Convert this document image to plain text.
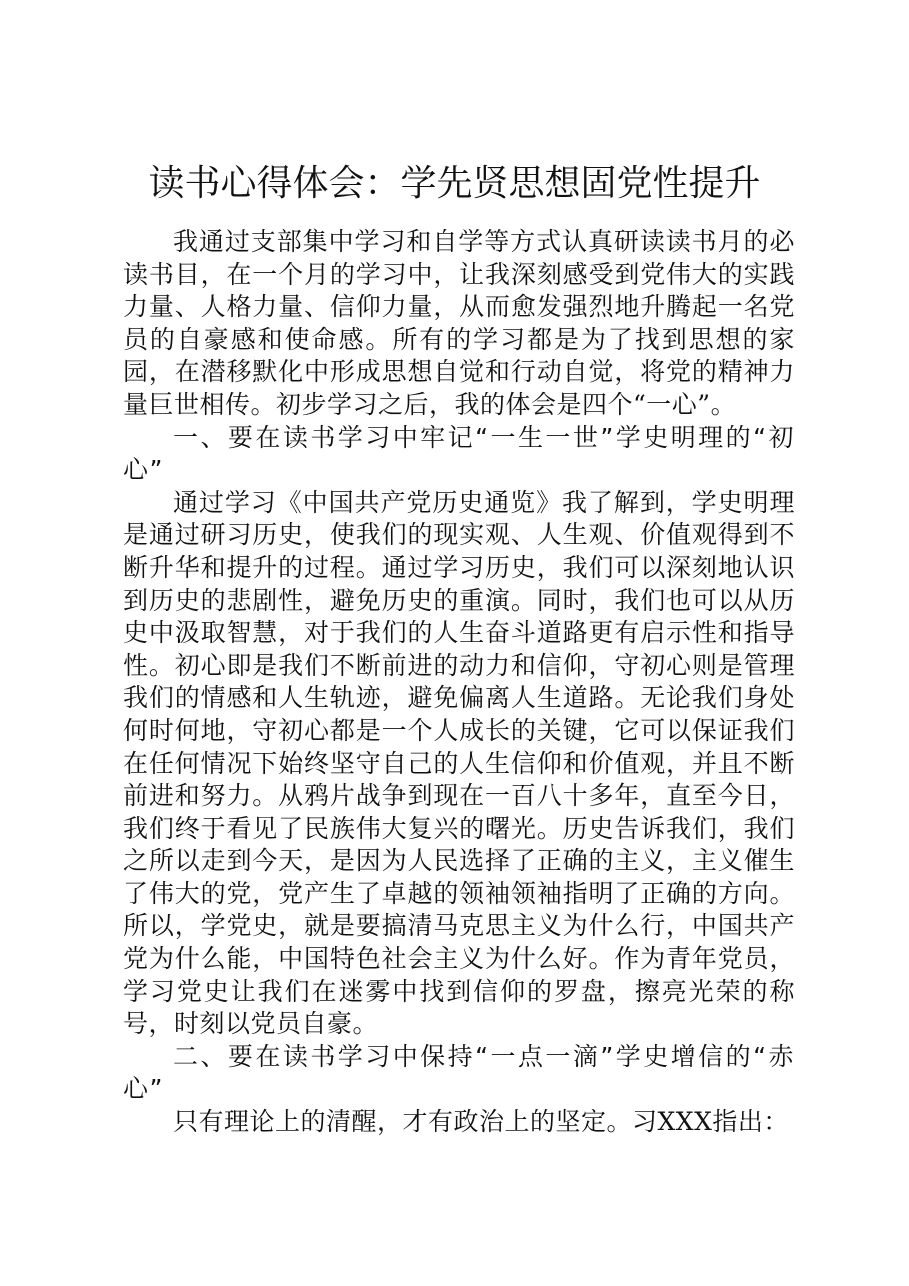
读书心得体会：学先贤思想固党性提升

我通过支部集中学习和自学等方式认真研读读书月的必读书目，在一个月的学习中，让我深刻感受到党伟大的实践力量、人格力量、信仰力量，从而愈发强烈地升腾起一名党员的自豪感和使命感。所有的学习都是为了找到思想的家园，在潜移默化中形成思想自觉和行动自觉，将党的精神力量巨世相传。初步学习之后，我的体会是四个“一心”。

一、要在读书学习中牢记“一生一世”学史明理的“初心”

通过学习《中国共产党历史通览》我了解到，学史明理是通过研习历史，使我们的现实观、人生观、价值观得到不断升华和提升的过程。通过学习历史，我们可以深刻地认识到历史的悲剧性，避免历史的重演。同时，我们也可以从历史中汲取智慧，对于我们的人生奋斗道路更有启示性和指导性。初心即是我们不断前进的动力和信仰，守初心则是管理我们的情感和人生轨迹，避免偏离人生道路。无论我们身处何时何地，守初心都是一个人成长的关键，它可以保证我们在任何情况下始终坚守自己的人生信仰和价值观，并且不断前进和努力。从鸦片战争到现在一百八十多年，直至今日，我们终于看见了民族伟大复兴的曙光。历史告诉我们，我们之所以走到今天，是因为人民选择了正确的主义，主义催生了伟大的党，党产生了卓越的领袖领袖指明了正确的方向。所以，学党史，就是要搞清马克思主义为什么行，中国共产党为什么能，中国特色社会主义为什么好。作为青年党员，学习党史让我们在迷雾中找到信仰的罗盘，擦亮光荣的称号，时刻以党员自豪。

二、要在读书学习中保持“一点一滴”学史增信的“赤心”

只有理论上的清醒，才有政治上的坚定。习XXX指出：
